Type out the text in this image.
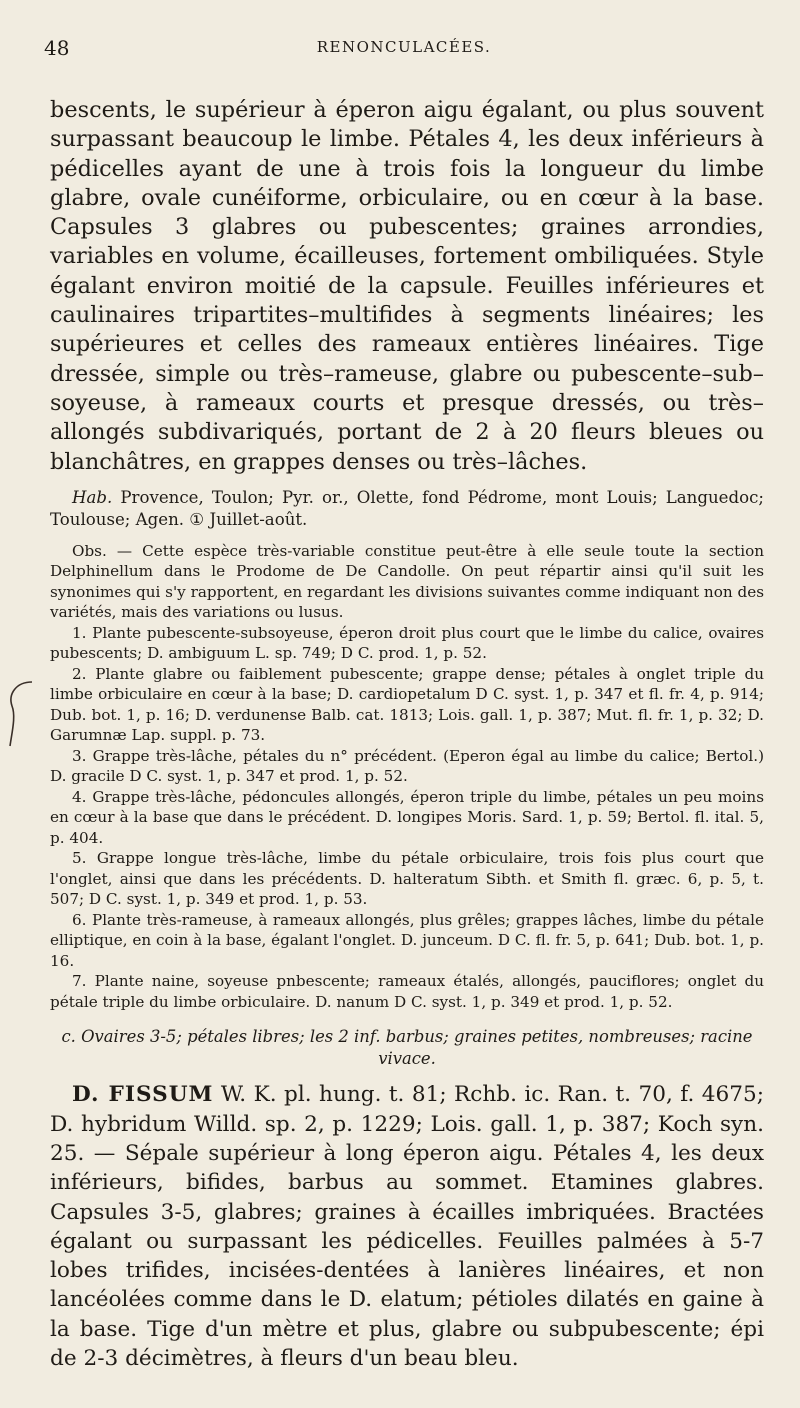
48	RENONCULACÉES.

bescents, le supérieur à éperon aigu égalant, ou plus souvent surpassant beaucoup le limbe. Pétales 4, les deux inférieurs à pédicelles ayant de une à trois fois la longueur du limbe glabre, ovale cunéiforme, orbiculaire, ou en cœur à la base. Capsules 3 glabres ou pubescentes; graines arrondies, variables en volume, écailleuses, fortement ombiliquées. Style égalant environ moitié de la capsule. Feuilles inférieures et caulinaires tripartites–multifides à segments linéaires; les supérieures et celles des rameaux entières linéaires. Tige dressée, simple ou très–rameuse, glabre ou pubescente–sub–soyeuse, à rameaux courts et presque dressés, ou très–allongés subdivariqués, portant de 2 à 20 fleurs bleues ou blanchâtres, en grappes denses ou très–lâches.

Hab. Provence, Toulon; Pyr. or., Olette, fond Pédrome, mont Louis; Languedoc; Toulouse; Agen. ① Juillet-août.

Obs. — Cette espèce très-variable constitue peut-être à elle seule toute la section Delphinellum dans le Prodome de De Candolle. On peut répartir ainsi qu'il suit les synonimes qui s'y rapportent, en regardant les divisions suivantes comme indiquant non des variétés, mais des variations ou lusus.

1. Plante pubescente-subsoyeuse, éperon droit plus court que le limbe du calice, ovaires pubescents; D. ambiguum L. sp. 749; D C. prod. 1, p. 52.

2. Plante glabre ou faiblement pubescente; grappe dense; pétales à onglet triple du limbe orbiculaire en cœur à la base; D. cardiopetalum D C. syst. 1, p. 347 et fl. fr. 4, p. 914; Dub. bot. 1, p. 16; D. verdunense Balb. cat. 1813; Lois. gall. 1, p. 387; Mut. fl. fr. 1, p. 32; D. Garumnæ Lap. suppl. p. 73.

3. Grappe très-lâche, pétales du n° précédent. (Eperon égal au limbe du calice; Bertol.) D. gracile D C. syst. 1, p. 347 et prod. 1, p. 52.

4. Grappe très-lâche, pédoncules allongés, éperon triple du limbe, pétales un peu moins en cœur à la base que dans le précédent. D. longipes Moris. Sard. 1, p. 59; Bertol. fl. ital. 5, p. 404.

5. Grappe longue très-lâche, limbe du pétale orbiculaire, trois fois plus court que l'onglet, ainsi que dans les précédents. D. halteratum Sibth. et Smith fl. græc. 6, p. 5, t. 507; D C. syst. 1, p. 349 et prod. 1, p. 53.

6. Plante très-rameuse, à rameaux allongés, plus grêles; grappes lâches, limbe du pétale elliptique, en coin à la base, égalant l'onglet. D. junceum. D C. fl. fr. 5, p. 641; Dub. bot. 1, p. 16.

7. Plante naine, soyeuse pnbescente; rameaux étalés, allongés, pauciflores; onglet du pétale triple du limbe orbiculaire. D. nanum D C. syst. 1, p. 349 et prod. 1, p. 52.

c. Ovaires 3-5; pétales libres; les 2 inf. barbus; graines petites, nombreuses; racine vivace.
D. FISSUM W. K. pl. hung. t. 81; Rchb. ic. Ran. t. 70, f. 4675; D. hybridum Willd. sp. 2, p. 1229; Lois. gall. 1, p. 387; Koch syn. 25. — Sépale supérieur à long éperon aigu. Pétales 4, les deux inférieurs, bifides, barbus au sommet. Etamines glabres. Capsules 3-5, glabres; graines à écailles imbriquées. Bractées égalant ou surpassant les pédicelles. Feuilles palmées à 5-7 lobes trifides, incisées-dentées à lanières linéaires, et non lancéolées comme dans le D. elatum; pétioles dilatés en gaine à la base. Tige d'un mètre et plus, glabre ou subpubescente; épi de 2-3 décimètres, à fleurs d'un beau bleu.
